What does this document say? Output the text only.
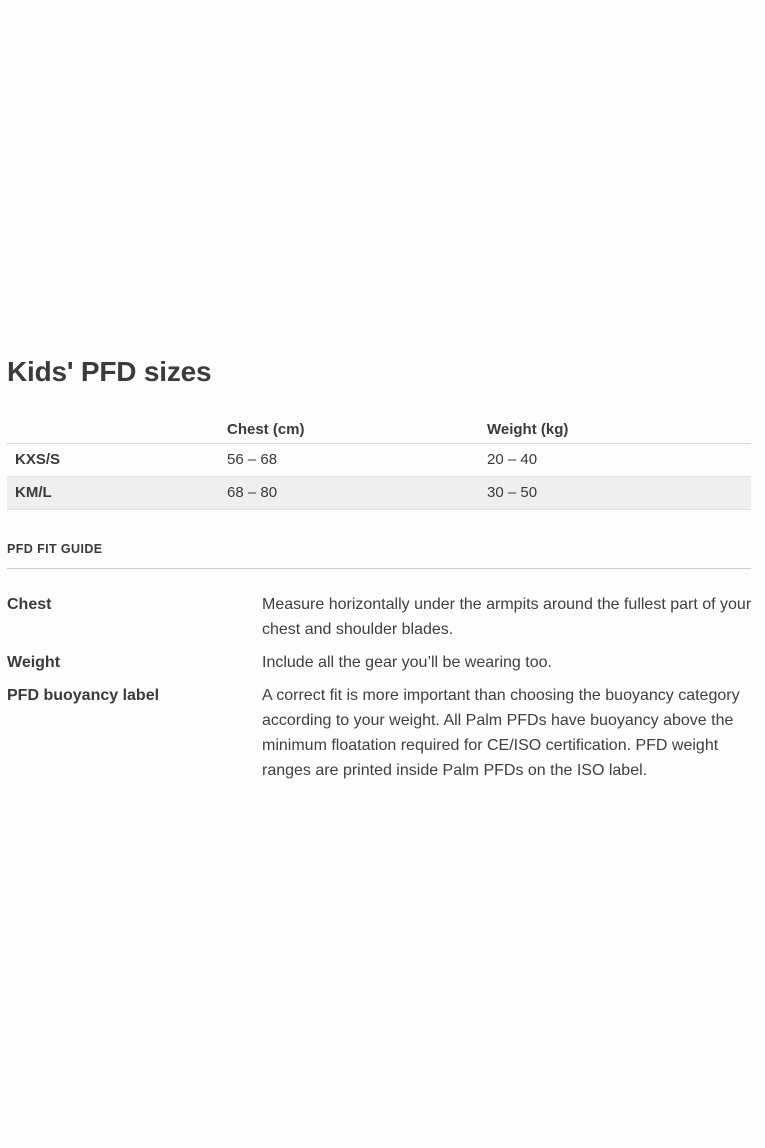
Kids' PFD sizes
	Chest (cm)	Weight (kg)
KXS/S	56 – 68	20 – 40
KM/L	68 – 80	30 – 50
PFD FIT GUIDE
Chest	Measure horizontally under the armpits around the fullest part of your chest and shoulder blades.
Weight	Include all the gear you’ll be wearing too.
PFD buoyancy label	A correct fit is more important than choosing the buoyancy category according to your weight. All Palm PFDs have buoyancy above the minimum floatation required for CE/ISO certification. PFD weight ranges are printed inside Palm PFDs on the ISO label.
